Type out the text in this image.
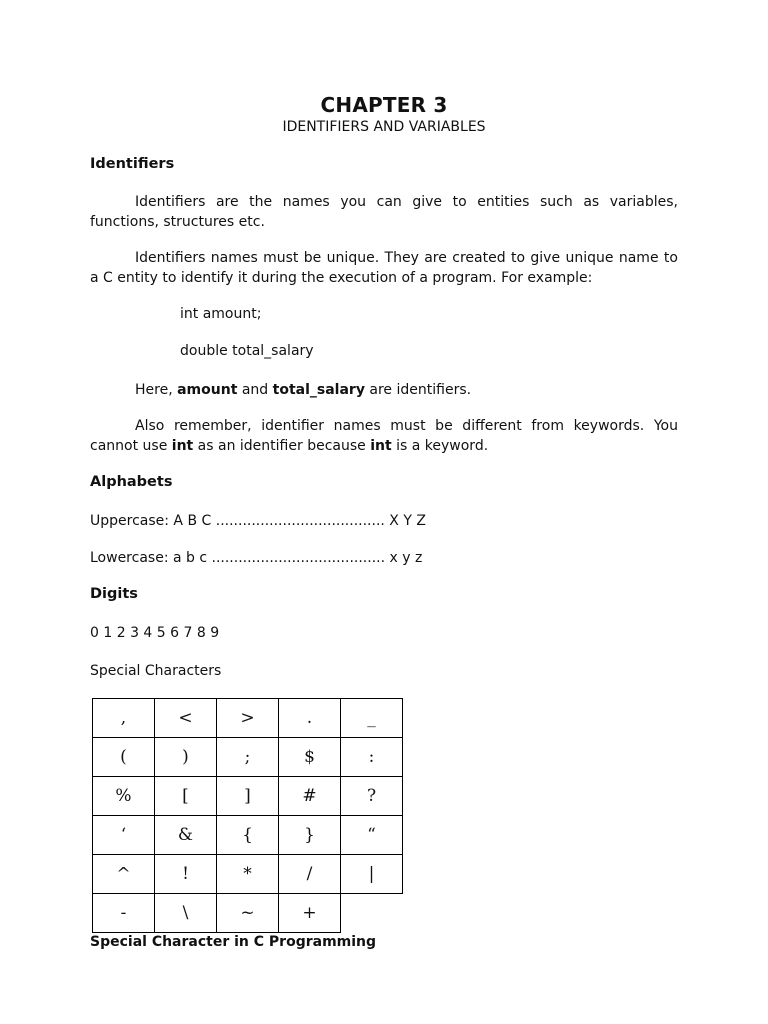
CHAPTER 3
IDENTIFIERS AND VARIABLES
Identifiers
Identifiers are the names you can give to entities such as variables, functions, structures etc.
Identifiers names must be unique. They are created to give unique name to a C entity to identify it during the execution of a program. For example:
int amount;
double total_salary
Here, amount and total_salary are identifiers.
Also remember, identifier names must be different from keywords. You cannot use int as an identifier because int is a keyword.
Alphabets
Uppercase: A B C ...................................... X Y Z
Lowercase: a b c ....................................... x y z
Digits
0 1 2 3 4 5 6 7 8 9
Special Characters
,	<	>	.	_
(	)	;	$	:
%	[	]	#	?
‘	&	{	}	“
^	!	*	/	|
-	\	~	+	
Special Character in C Programming
